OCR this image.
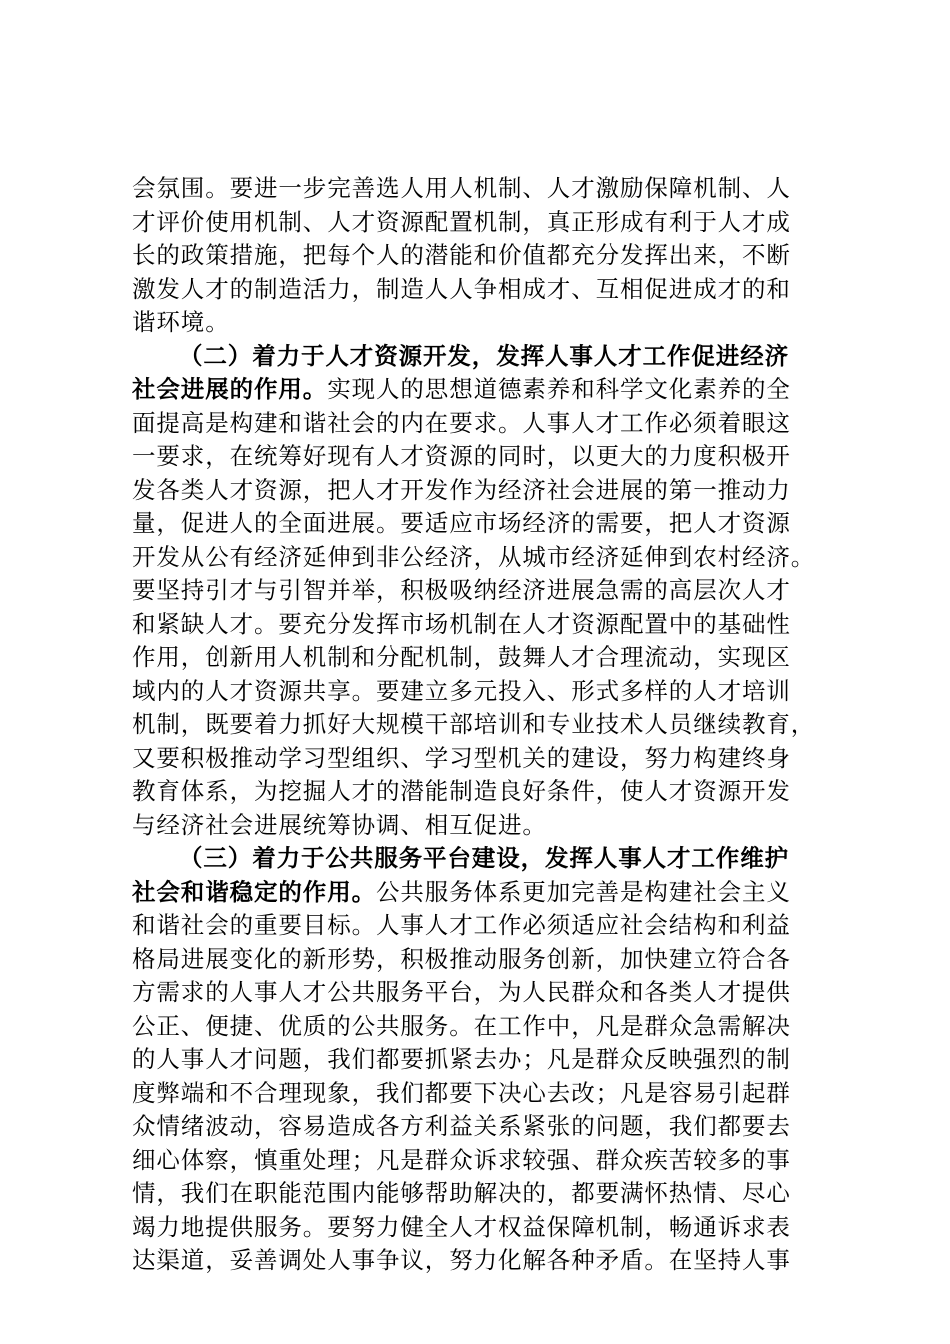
会氛围。要进一步完善选人用人机制、人才激励保障机制、人
才评价使用机制、人才资源配置机制，真正形成有利于人才成
长的政策措施，把每个人的潜能和价值都充分发挥出来，不断
激发人才的制造活力，制造人人争相成才、互相促进成才的和
谐环境。
（二）着力于人才资源开发，发挥人事人才工作促进经济
社会进展的作用。实现人的思想道德素养和科学文化素养的全
面提高是构建和谐社会的内在要求。人事人才工作必须着眼这
一要求，在统筹好现有人才资源的同时，以更大的力度积极开
发各类人才资源，把人才开发作为经济社会进展的第一推动力
量，促进人的全面进展。要适应市场经济的需要，把人才资源
开发从公有经济延伸到非公经济，从城市经济延伸到农村经济。
要坚持引才与引智并举，积极吸纳经济进展急需的高层次人才
和紧缺人才。要充分发挥市场机制在人才资源配置中的基础性
作用，创新用人机制和分配机制，鼓舞人才合理流动，实现区
域内的人才资源共享。要建立多元投入、形式多样的人才培训
机制，既要着力抓好大规模干部培训和专业技术人员继续教育，
又要积极推动学习型组织、学习型机关的建设，努力构建终身
教育体系，为挖掘人才的潜能制造良好条件，使人才资源开发
与经济社会进展统筹协调、相互促进。
（三）着力于公共服务平台建设，发挥人事人才工作维护
社会和谐稳定的作用。公共服务体系更加完善是构建社会主义
和谐社会的重要目标。人事人才工作必须适应社会结构和利益
格局进展变化的新形势，积极推动服务创新，加快建立符合各
方需求的人事人才公共服务平台，为人民群众和各类人才提供
公正、便捷、优质的公共服务。在工作中，凡是群众急需解决
的人事人才问题，我们都要抓紧去办；凡是群众反映强烈的制
度弊端和不合理现象，我们都要下决心去改；凡是容易引起群
众情绪波动，容易造成各方利益关系紧张的问题，我们都要去
细心体察，慎重处理；凡是群众诉求较强、群众疾苦较多的事
情，我们在职能范围内能够帮助解决的，都要满怀热情、尽心
竭力地提供服务。要努力健全人才权益保障机制，畅通诉求表
达渠道，妥善调处人事争议，努力化解各种矛盾。在坚持人事
